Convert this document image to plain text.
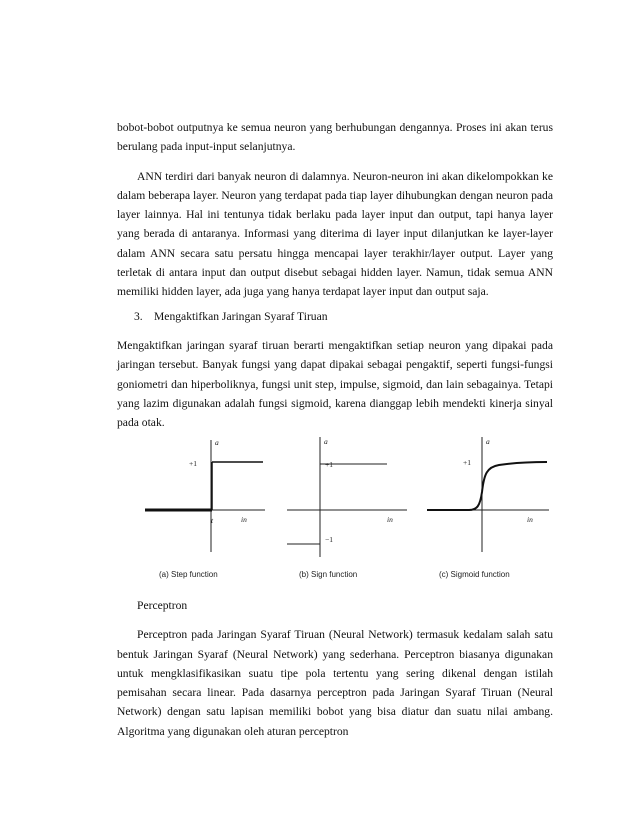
bobot-bobot outputnya ke semua neuron yang berhubungan dengannya. Proses ini akan terus berulang pada input-input selanjutnya.

ANN terdiri dari banyak neuron di dalamnya. Neuron-neuron ini akan dikelompokkan ke dalam beberapa layer. Neuron yang terdapat pada tiap layer dihubungkan dengan neuron pada layer lainnya. Hal ini tentunya tidak berlaku pada layer input dan output, tapi hanya layer yang berada di antaranya. Informasi yang diterima di layer input dilanjutkan ke layer-layer dalam ANN secara satu persatu hingga mencapai layer terakhir/layer output. Layer yang terletak di antara input dan output disebut sebagai hidden layer. Namun, tidak semua ANN memiliki hidden layer, ada juga yang hanya terdapat layer input dan output saja.

3. Mengaktifkan Jaringan Syaraf Tiruan

Mengaktifkan jaringan syaraf tiruan berarti mengaktifkan setiap neuron yang dipakai pada jaringan tersebut. Banyak fungsi yang dapat dipakai sebagai pengaktif, seperti fungsi-fungsi goniometri dan hiperboliknya, fungsi unit step, impulse, sigmoid, dan lain sebagainya. Tetapi yang lazim digunakan adalah fungsi sigmoid, karena dianggap lebih mendekti kinerja sinyal pada otak.

a
in
+1
t
(a) Step function
a
in
+1
−1
(b) Sign function
a
in
+1
(c) Sigmoid function

Perceptron

Perceptron pada Jaringan Syaraf Tiruan (Neural Network) termasuk kedalam salah satu bentuk Jaringan Syaraf (Neural Network) yang sederhana. Perceptron biasanya digunakan untuk mengklasifikasikan suatu tipe pola tertentu yang sering dikenal dengan istilah pemisahan secara linear. Pada dasarnya perceptron pada Jaringan Syaraf Tiruan (Neural Network) dengan satu lapisan memiliki bobot yang bisa diatur dan suatu nilai ambang. Algoritma yang digunakan oleh aturan perceptron
